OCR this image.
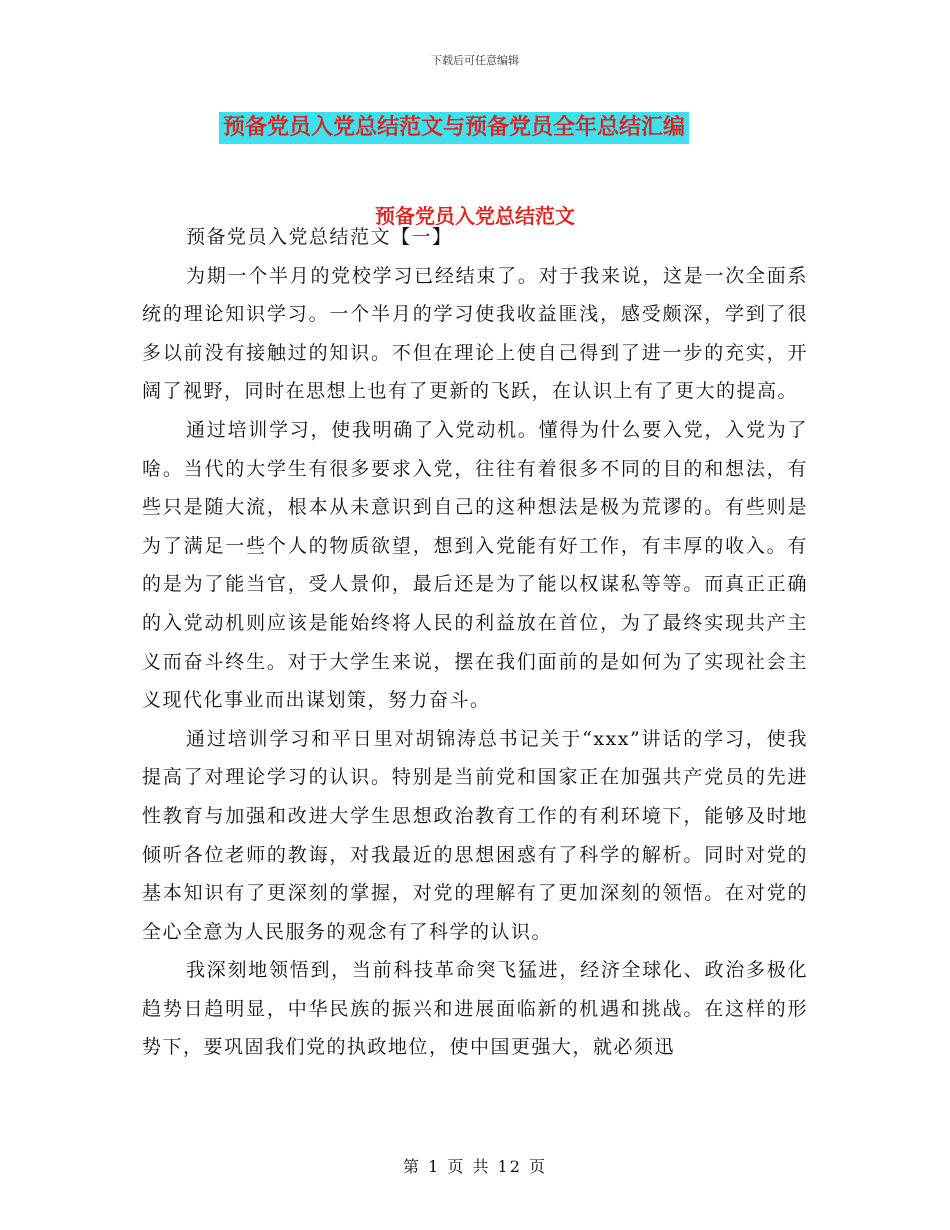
下载后可任意编辑
预备党员入党总结范文与预备党员全年总结汇编
预备党员入党总结范文

预备党员入党总结范文【一】

为期一个半月的党校学习已经结束了。对于我来说，这是一次全面系统的理论知识学习。一个半月的学习使我收益匪浅，感受颇深，学到了很多以前没有接触过的知识。不但在理论上使自己得到了进一步的充实，开阔了视野，同时在思想上也有了更新的飞跃，在认识上有了更大的提高。

通过培训学习，使我明确了入党动机。懂得为什么要入党，入党为了啥。当代的大学生有很多要求入党，往往有着很多不同的目的和想法，有些只是随大流，根本从未意识到自己的这种想法是极为荒谬的。有些则是为了满足一些个人的物质欲望，想到入党能有好工作，有丰厚的收入。有的是为了能当官，受人景仰，最后还是为了能以权谋私等等。而真正正确的入党动机则应该是能始终将人民的利益放在首位，为了最终实现共产主义而奋斗终生。对于大学生来说，摆在我们面前的是如何为了实现社会主义现代化事业而出谋划策，努力奋斗。

通过培训学习和平日里对胡锦涛总书记关于“xxx”讲话的学习，使我提高了对理论学习的认识。特别是当前党和国家正在加强共产党员的先进性教育与加强和改进大学生思想政治教育工作的有利环境下，能够及时地倾听各位老师的教诲，对我最近的思想困惑有了科学的解析。同时对党的基本知识有了更深刻的掌握，对党的理解有了更加深刻的领悟。在对党的全心全意为人民服务的观念有了科学的认识。

我深刻地领悟到，当前科技革命突飞猛进，经济全球化、政治多极化趋势日趋明显，中华民族的振兴和进展面临新的机遇和挑战。在这样的形势下，要巩固我们党的执政地位，使中国更强大，就必须迅

第 1 页 共 12 页
